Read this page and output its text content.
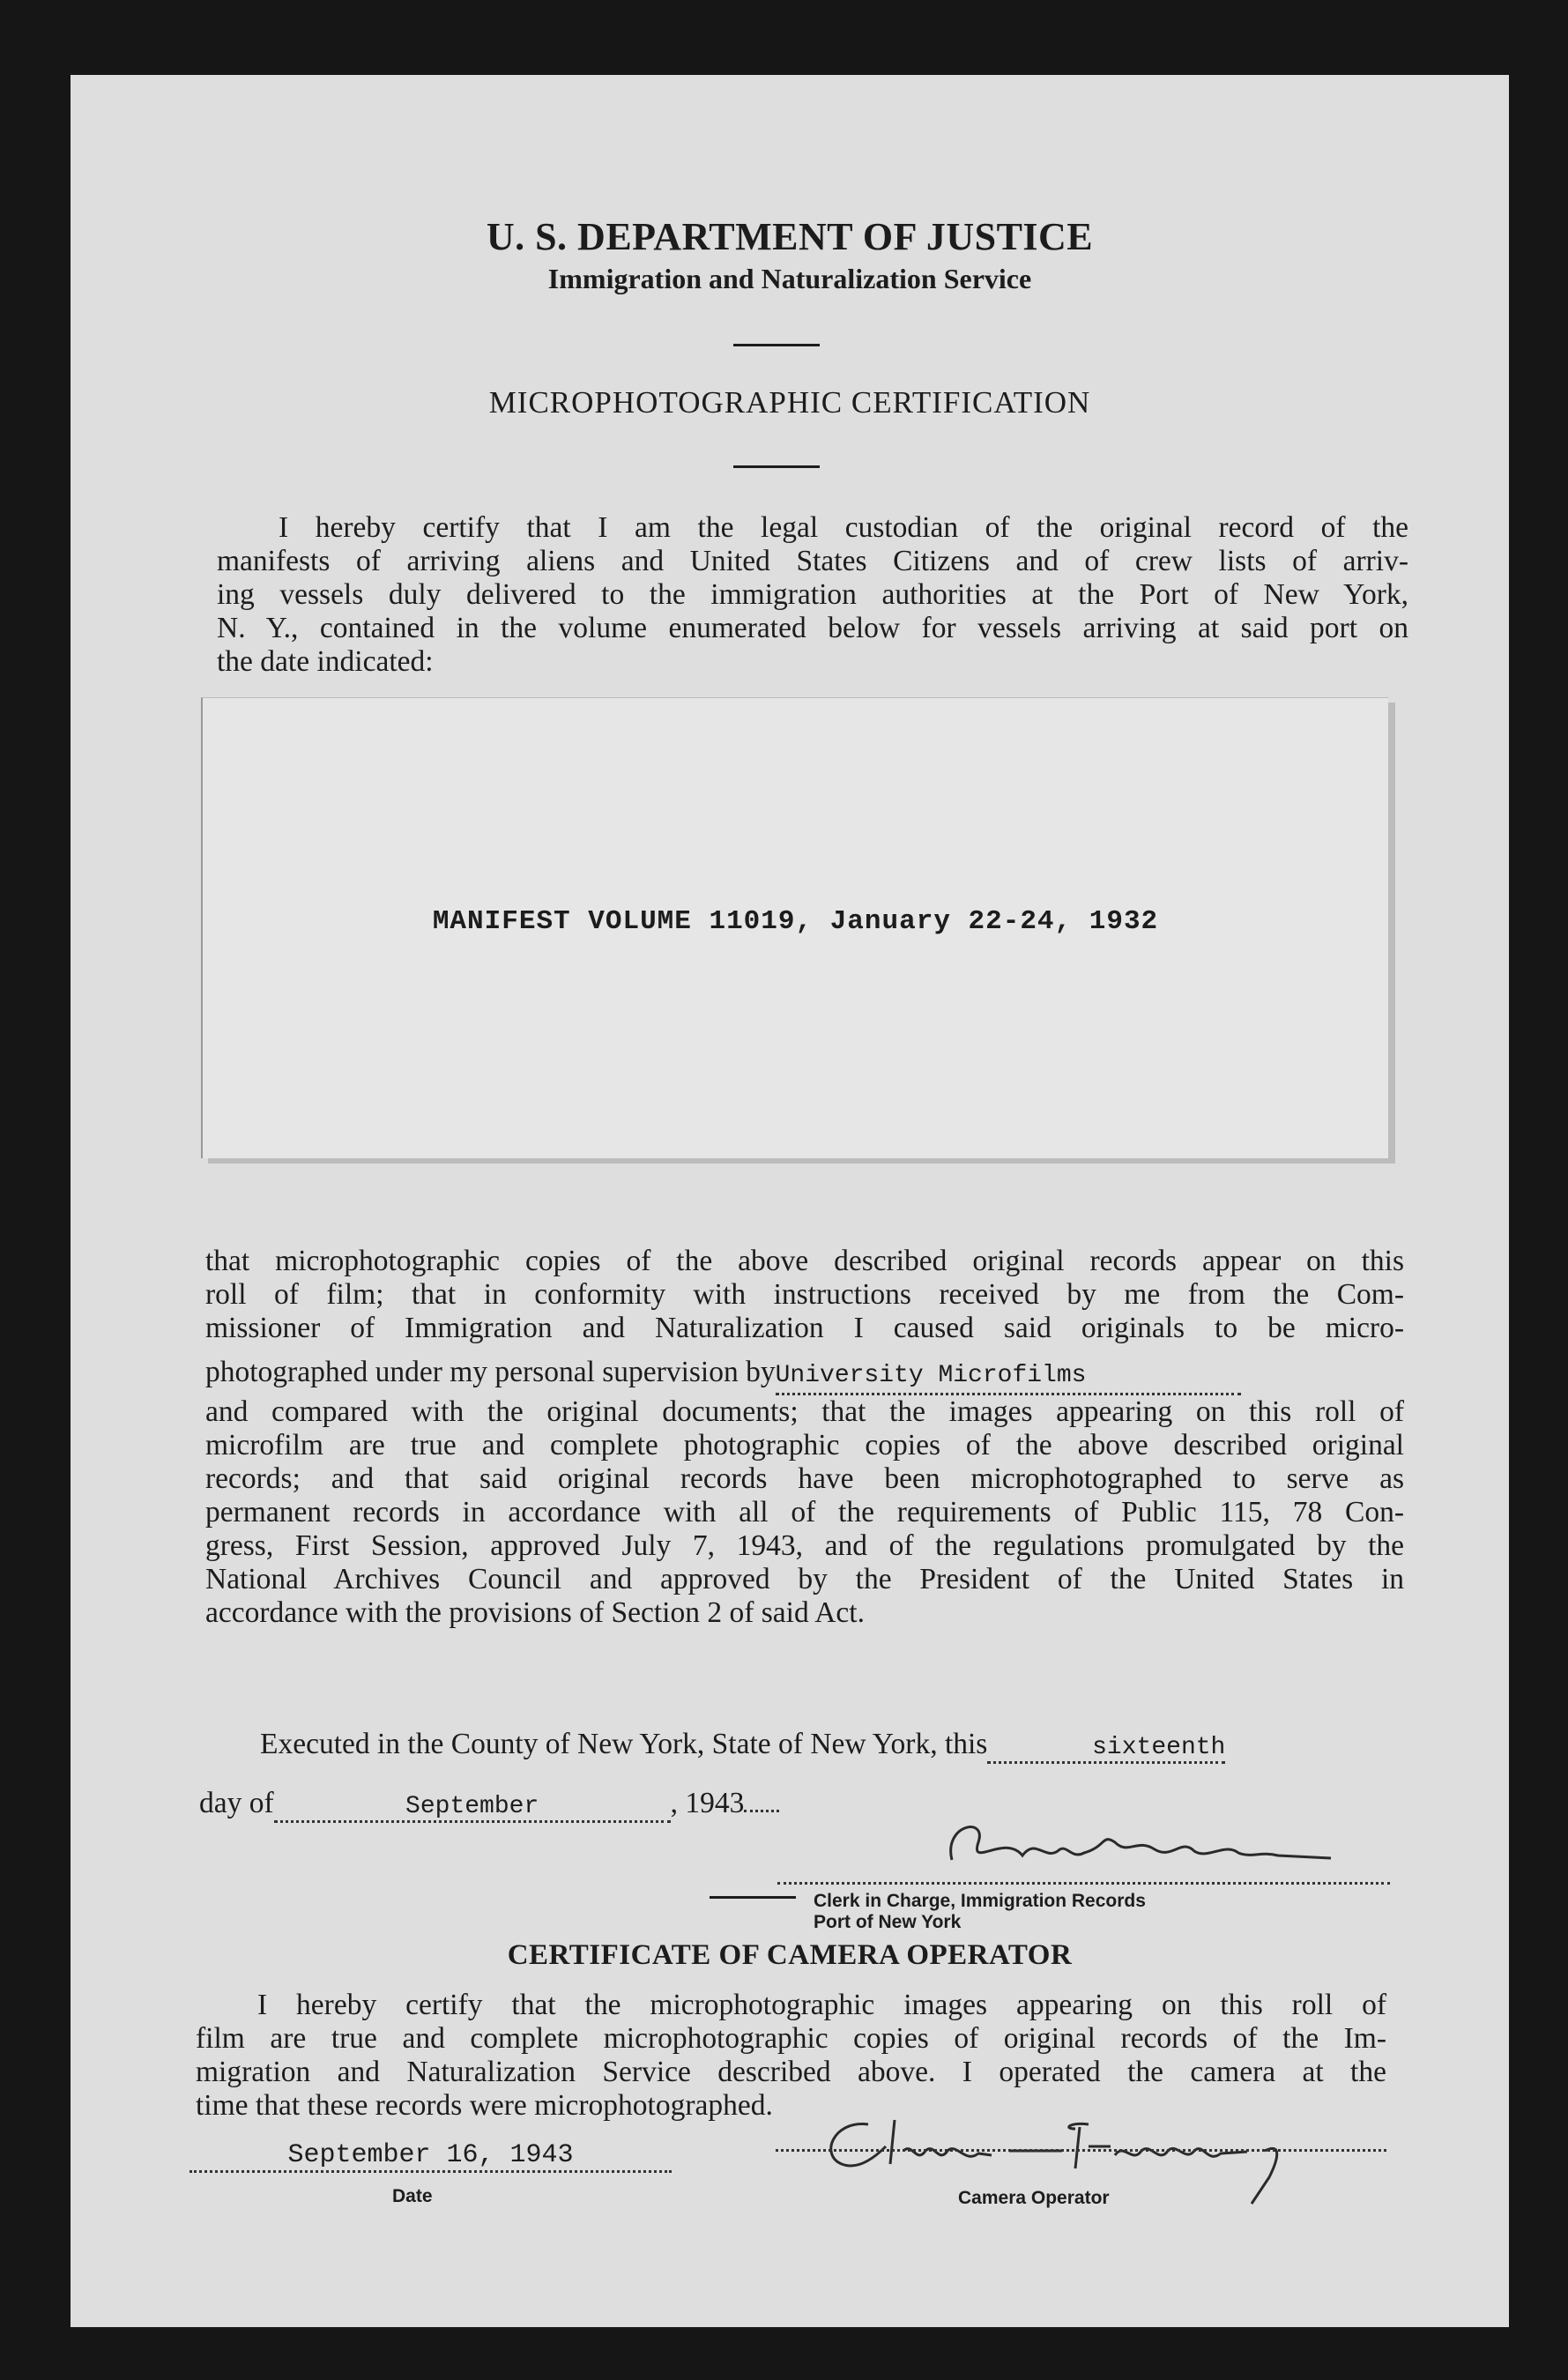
U. S. DEPARTMENT OF JUSTICE
Immigration and Naturalization Service
MICROPHOTOGRAPHIC CERTIFICATION
I hereby certify that I am the legal custodian of the original record of the
manifests of arriving aliens and United States Citizens and of crew lists of arriv-
ing vessels duly delivered to the immigration authorities at the Port of New York,
N. Y., contained in the volume enumerated below for vessels arriving at said port on
the date indicated:
MANIFEST VOLUME 11019, January 22-24, 1932
that microphotographic copies of the above described original records appear on this
roll of film; that in conformity with instructions received by me from the Com-
missioner of Immigration and Naturalization I caused said originals to be micro-
photographed under my personal supervision byUniversity Microfilms
and compared with the original documents; that the images appearing on this roll of
microfilm are true and complete photographic copies of the above described original
records; and that said original records have been microphotographed to serve as
permanent records in accordance with all of the requirements of Public 115, 78 Con-
gress, First Session, approved July 7, 1943, and of the regulations promulgated by the
National Archives Council and approved by the President of the United States in
accordance with the provisions of Section 2 of said Act.
Executed in the County of New York, State of New York, this	sixteenth
day of	September	, 1943
Clerk in Charge, Immigration Records
Port of New York
CERTIFICATE OF CAMERA OPERATOR
I hereby certify that the microphotographic images appearing on this roll of
film are true and complete microphotographic copies of original records of the Im-
migration and Naturalization Service described above. I operated the camera at the
time that these records were microphotographed.
September 16, 1943
Date	Camera Operator
